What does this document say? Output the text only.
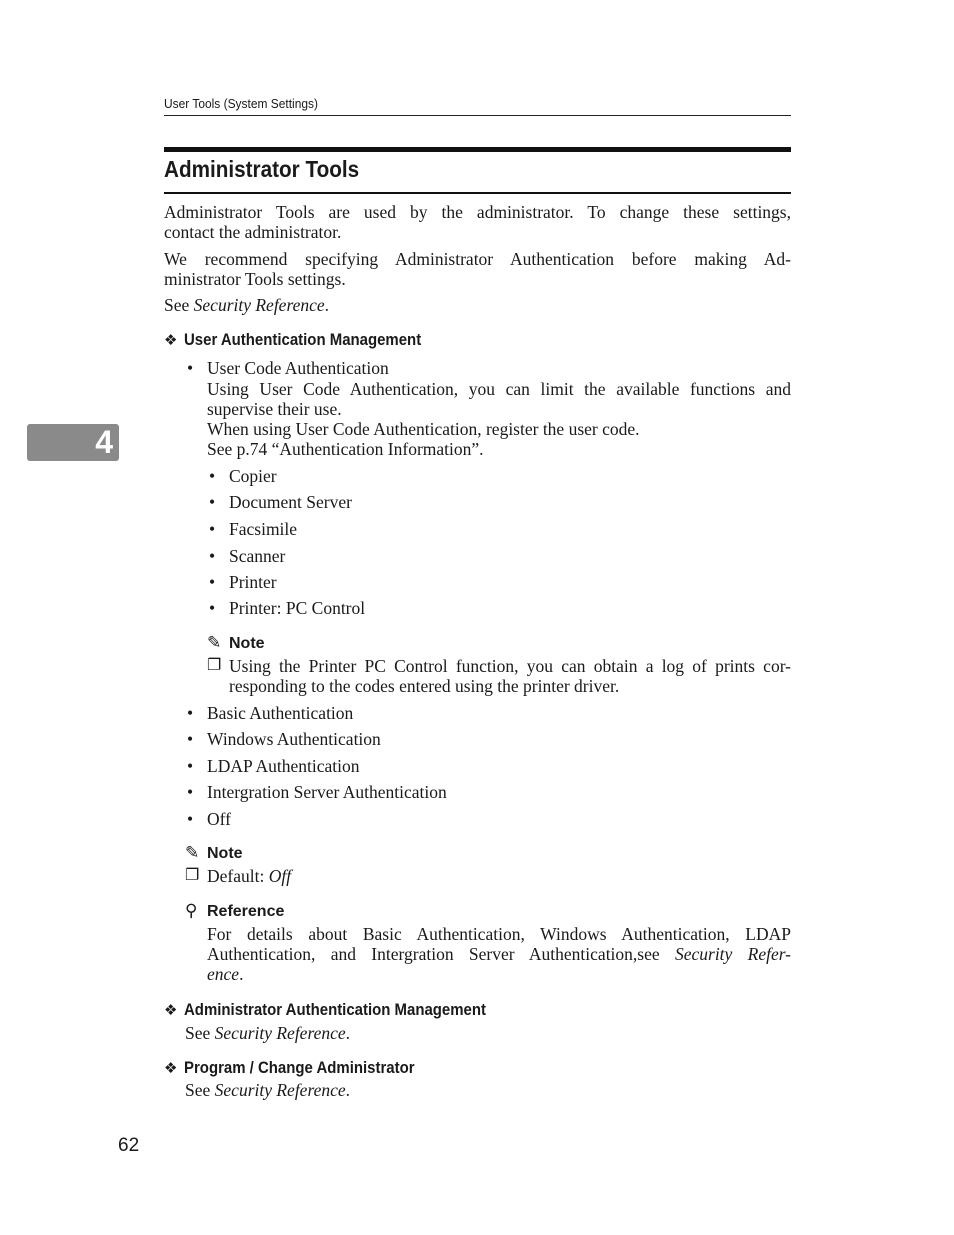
User Tools (System Settings)
Administrator Tools
4
Administrator Tools are used by the administrator. To change these settings,
contact the administrator.
We recommend specifying Administrator Authentication before making Ad-
ministrator Tools settings.
See Security Reference.
❖ User Authentication Management
• User Code Authentication
Using User Code Authentication, you can limit the available functions and
supervise their use.
When using User Code Authentication, register the user code.
See p.74 “Authentication Information”.
• Copier
• Document Server
• Facsimile
• Scanner
• Printer
• Printer: PC Control
✎ Note
❐ Using the Printer PC Control function, you can obtain a log of prints cor-
responding to the codes entered using the printer driver.
• Basic Authentication
• Windows Authentication
• LDAP Authentication
• Intergration Server Authentication
• Off
✎ Note
❐ Default: Off
⚲ Reference
For details about Basic Authentication, Windows Authentication, LDAP
Authentication, and Intergration Server Authentication,see Security Refer-
ence.
❖ Administrator Authentication Management
See Security Reference.
❖ Program / Change Administrator
See Security Reference.
62
